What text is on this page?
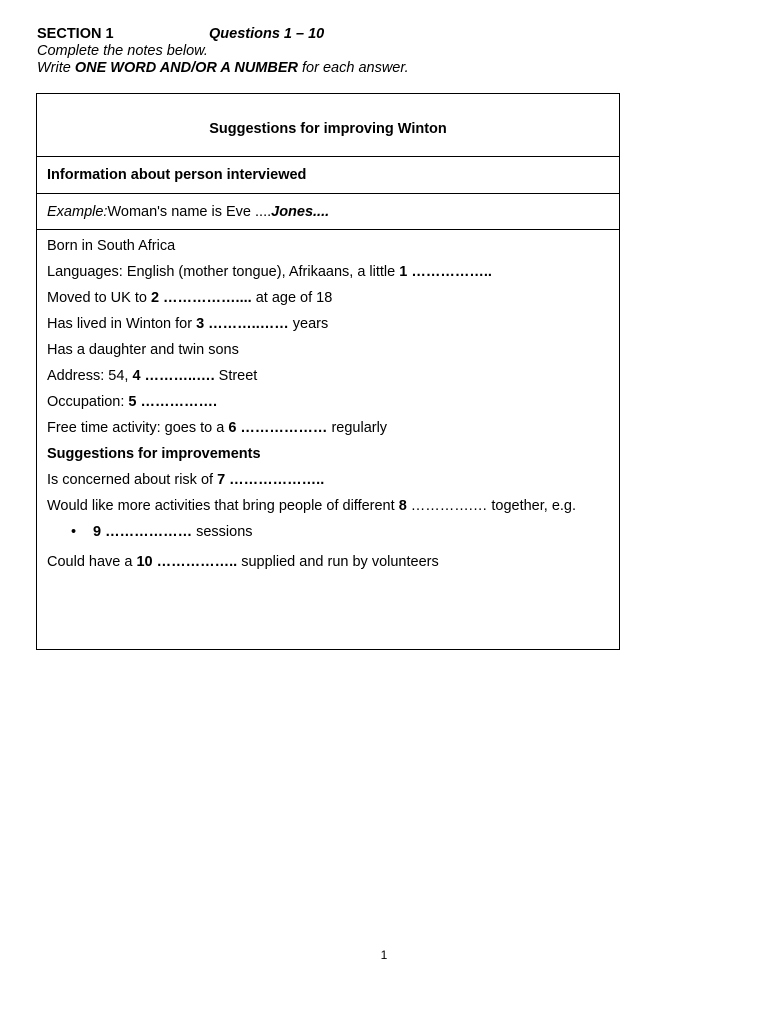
SECTION 1	Questions 1 – 10
Complete the notes below.
Write ONE WORD AND/OR A NUMBER for each answer.
Suggestions for improving Winton
Information about person interviewed
Example: Woman's name is Eve .... Jones....
Born in South Africa
Languages: English (mother tongue), Afrikaans, a little 1 ……………..
Moved to UK to 2 …………….... at age of 18
Has lived in Winton for 3 ………..…… years
Has a daughter and twin sons
Address: 54, 4 ………..…. Street
Occupation: 5 …………….
Free time activity: goes to a 6 ……………… regularly
Suggestions for improvements
Is concerned about risk of 7 ………………..
Would like more activities that bring people of different 8 ………….… together, e.g.
• 9 ……………… sessions
Could have a 10 …………….. supplied and run by volunteers
1
